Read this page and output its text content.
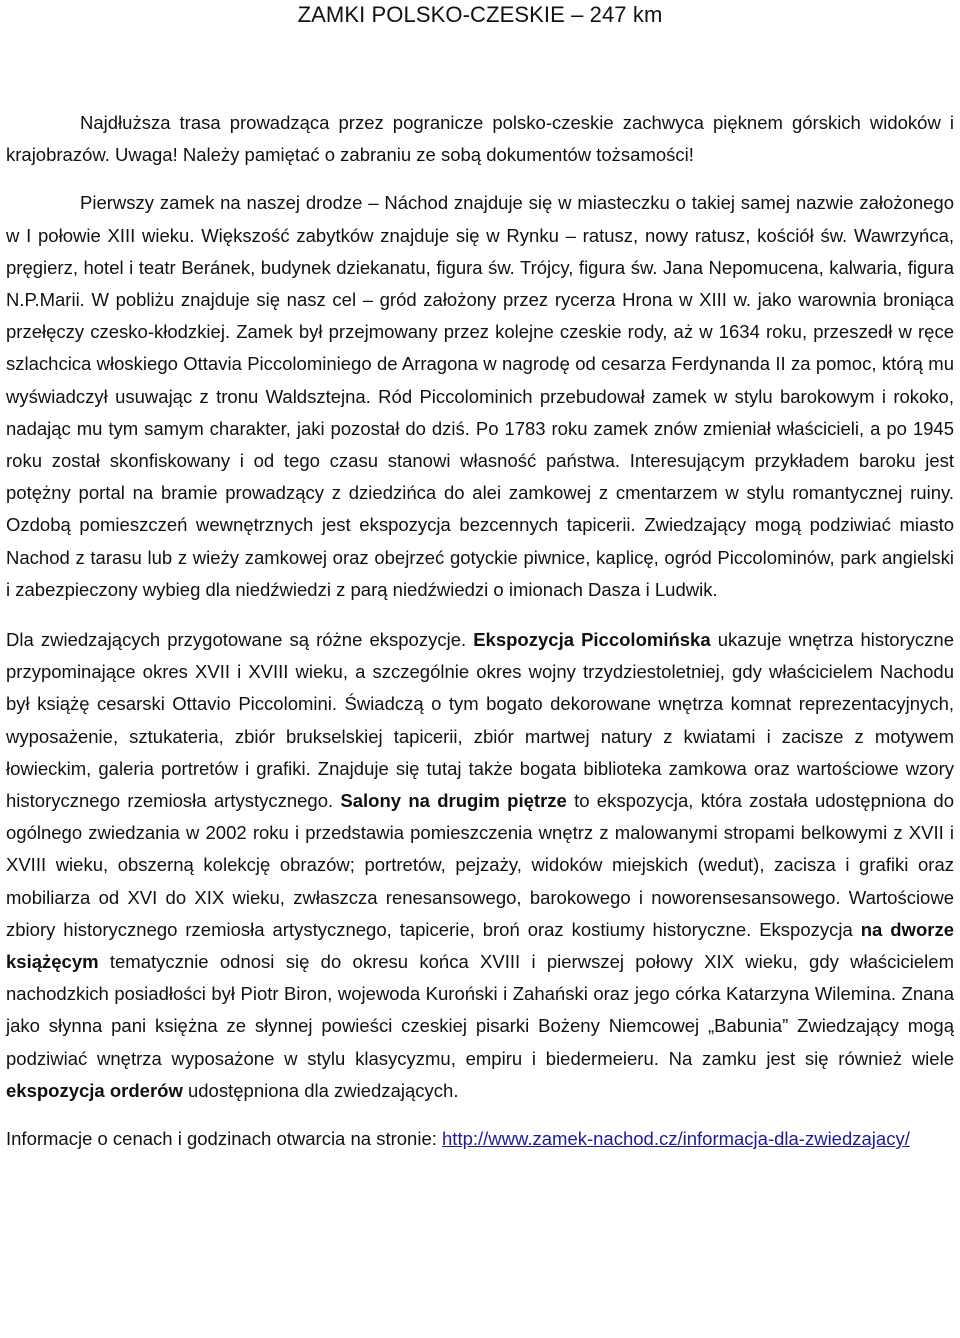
ZAMKI POLSKO-CZESKIE – 247 km

Najdłuższa trasa prowadząca przez pogranicze polsko-czeskie zachwyca pięknem górskich widoków i krajobrazów. Uwaga! Należy pamiętać o zabraniu ze sobą dokumentów tożsamości!

Pierwszy zamek na naszej drodze – Náchod znajduje się w miasteczku o takiej samej nazwie założonego w I połowie XIII wieku. Większość zabytków znajduje się w Rynku – ratusz, nowy ratusz, kościół św. Wawrzyńca, pręgierz, hotel i teatr Beránek, budynek dziekanatu, figura św. Trójcy, figura św. Jana Nepomucena, kalwaria, figura N.P.Marii. W pobliżu znajduje się nasz cel – gród założony przez rycerza Hrona w XIII w. jako warownia broniąca przełęczy czesko-kłodzkiej. Zamek był przejmowany przez kolejne czeskie rody, aż w 1634 roku, przeszedł w ręce szlachcica włoskiego Ottavia Piccolominiego de Arragona w nagrodę od cesarza Ferdynanda II za pomoc, którą mu wyświadczył usuwając z tronu Waldsztejna. Ród Piccolominich przebudował zamek w stylu barokowym i rokoko, nadając mu tym samym charakter, jaki pozostał do dziś. Po 1783 roku zamek znów zmieniał właścicieli, a po 1945 roku został skonfiskowany i od tego czasu stanowi własność państwa. Interesującym przykładem baroku jest potężny portal na bramie prowadzący z dziedzińca do alei zamkowej z cmentarzem w stylu romantycznej ruiny. Ozdobą pomieszczeń wewnętrznych jest ekspozycja bezcennych tapicerii. Zwiedzający mogą podziwiać miasto Nachod z tarasu lub z wieży zamkowej oraz obejrzeć gotyckie piwnice, kaplicę, ogród Piccolominów, park angielski i zabezpieczony wybieg dla niedźwiedzi z parą niedźwiedzi o imionach Dasza i Ludwik.

Dla zwiedzających przygotowane są różne ekspozycje. Ekspozycja Piccolomińska ukazuje wnętrza historyczne przypominające okres XVII i XVIII wieku, a szczególnie okres wojny trzydziestoletniej, gdy właścicielem Nachodu był książę cesarski Ottavio Piccolomini. Świadczą o tym bogato dekorowane wnętrza komnat reprezentacyjnych, wyposażenie, sztukateria, zbiór brukselskiej tapicerii, zbiór martwej natury z kwiatami i zacisze z motywem łowieckim, galeria portretów i grafiki. Znajduje się tutaj także bogata biblioteka zamkowa oraz wartościowe wzory historycznego rzemiosła artystycznego. Salony na drugim piętrze to ekspozycja, która została udostępniona do ogólnego zwiedzania w 2002 roku i przedstawia pomieszczenia wnętrz z malowanymi stropami belkowymi z XVII i XVIII wieku, obszerną kolekcję obrazów; portretów, pejzaży, widoków miejskich (wedut), zacisza i grafiki oraz mobiliarza od XVI do XIX wieku, zwłaszcza renesansowego, barokowego i noworensesansowego. Wartościowe zbiory historycznego rzemiosła artystycznego, tapicerie, broń oraz kostiumy historyczne. Ekspozycja na dworze książęcym tematycznie odnosi się do okresu końca XVIII i pierwszej połowy XIX wieku, gdy właścicielem nachodzkich posiadłości był Piotr Biron, wojewoda Kuroński i Zahański oraz jego córka Katarzyna Wilemina. Znana jako słynna pani księżna ze słynnej powieści czeskiej pisarki Bożeny Niemcowej „Babunia” Zwiedzający mogą podziwiać wnętrza wyposażone w stylu klasycyzmu, empiru i biedermeieru. Na zamku jest się również wiele ekspozycja orderów udostępniona dla zwiedzających.

Informacje o cenach i godzinach otwarcia na stronie: http://www.zamek-nachod.cz/informacja-dla-zwiedzajacy/
